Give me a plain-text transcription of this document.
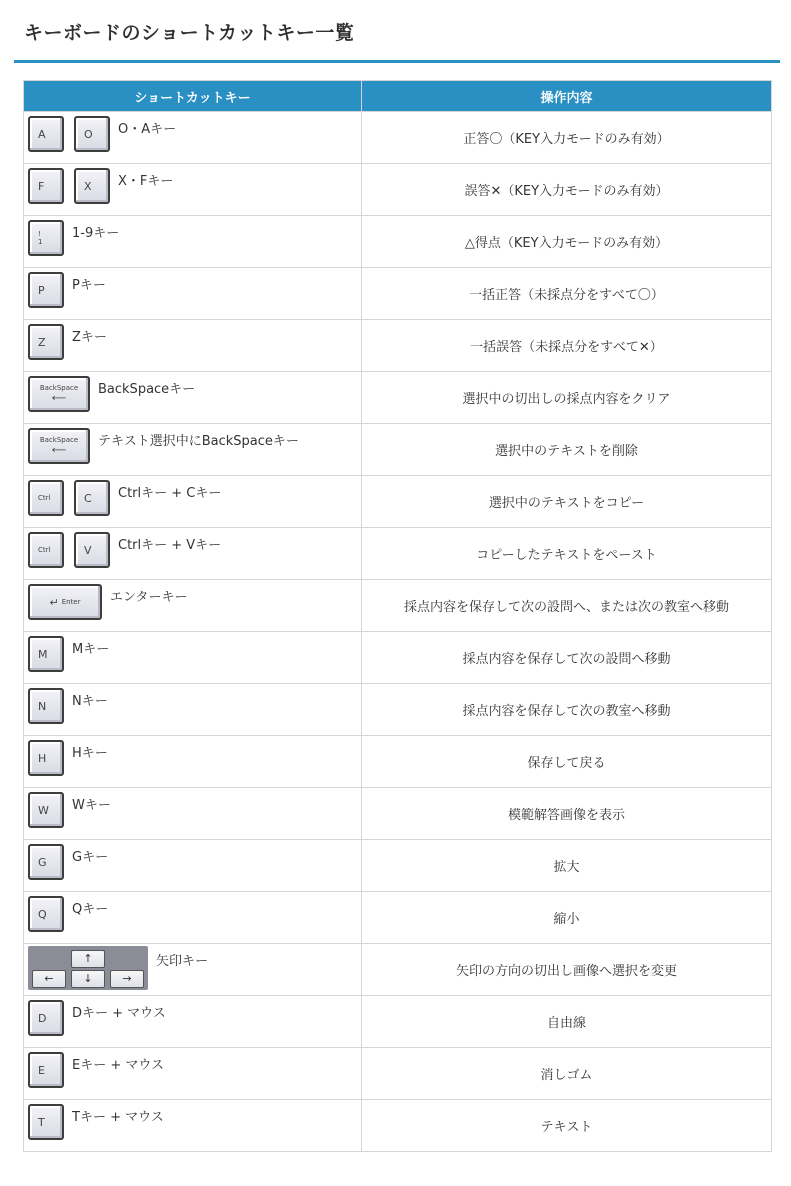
キーボードのショートカットキー一覧
ショートカットキー	操作内容

A O O・Aキー	正答〇（KEY入力モードのみ有効）

F X X・Fキー	誤答✕（KEY入力モードのみ有効）

!
1
1-9キー	△得点（KEY入力モードのみ有効）

P Pキー	一括正答（未採点分をすべて〇）

Z Zキー	一括誤答（未採点分をすべて✕）

BackSpace
⟵
BackSpaceキー	選択中の切出しの採点内容をクリア

BackSpace
⟵
テキスト選択中にBackSpaceキー	選択中のテキストを削除

Ctrl C Ctrlキー + Cキー	選択中のテキストをコピー

Ctrl V Ctrlキー + Vキー	コピーしたテキストをペースト

↵ Enter エンターキー	採点内容を保存して次の設問へ、または次の教室へ移動

M Mキー	採点内容を保存して次の設問へ移動

N Nキー	採点内容を保存して次の教室へ移動

H Hキー	保存して戻る

W Wキー	模範解答画像を表示

G Gキー	拡大

Q Qキー	縮小

↑
← ↓ →
矢印キー	矢印の方向の切出し画像へ選択を変更

D Dキー + マウス	自由線

E Eキー + マウス	消しゴム

T Tキー + マウス	テキスト
